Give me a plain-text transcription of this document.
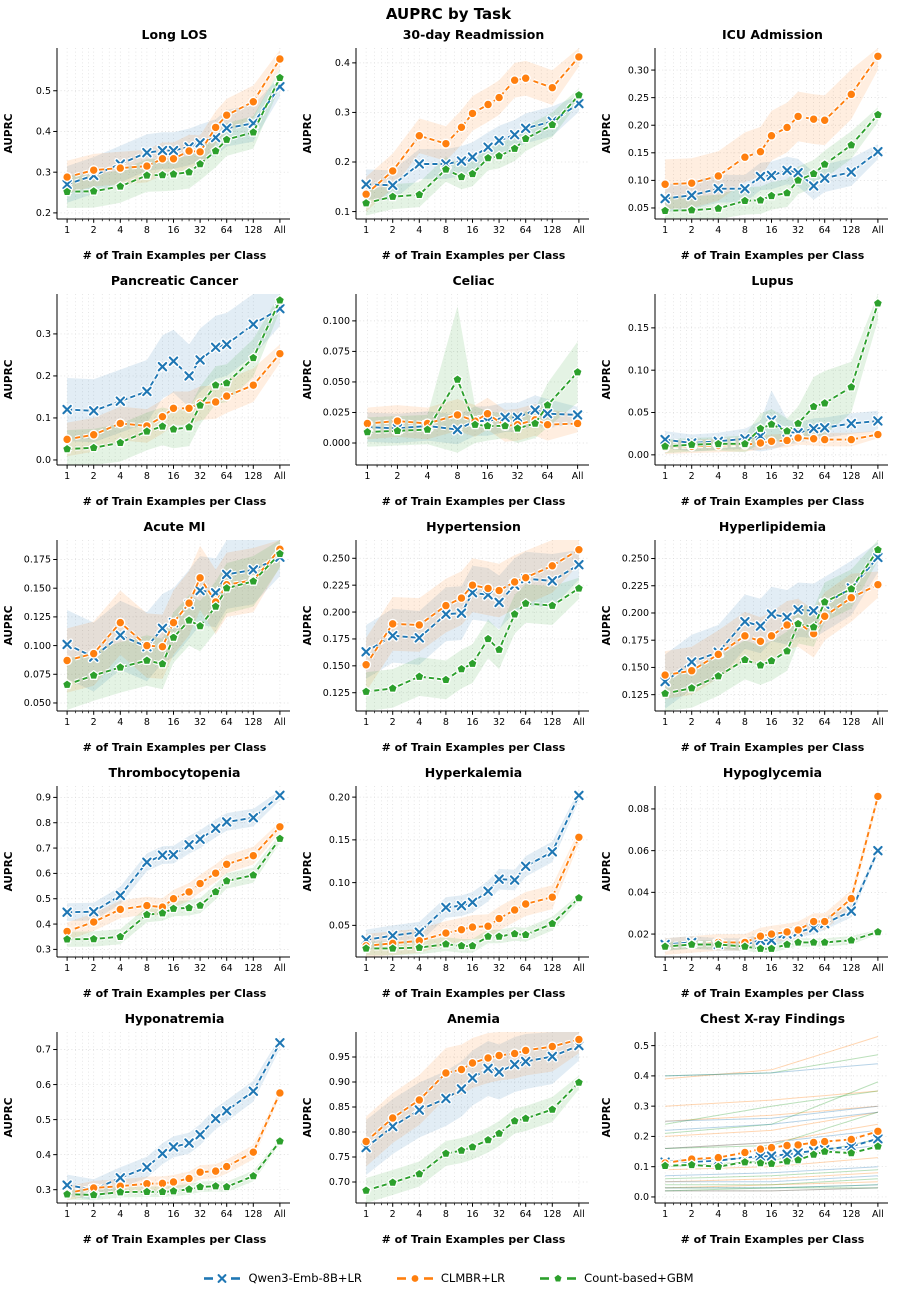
AUPRC by Task
Long LOS
0.2
0.3
0.4
0.5
1 2 4 8 16 32 64 128 All
AUPRC
# of Train Examples per Class
30-day Readmission
0.1
0.2
0.3
0.4
1 2 4 8 16 32 64 128 All
AUPRC
# of Train Examples per Class
ICU Admission
0.05
0.10
0.15
0.20
0.25
0.30
1 2 4 8 16 32 64 128 All
AUPRC
# of Train Examples per Class
Pancreatic Cancer
0.0
0.1
0.2
0.3
1 2 4 8 16 32 64 128 All
AUPRC
# of Train Examples per Class
Celiac
0.000
0.025
0.050
0.075
0.100
1	2	4	8 16 32 64 All
AUPRC
# of Train Examples per Class
Lupus
0.00
0.05
0.10
0.15
1 2 4 8 16 32 64 128 All
AUPRC
# of Train Examples per Class
Acute MI
0.050
0.075
0.100
0.125
0.150
0.175
1 2 4 8 16 32 64 128 All
AUPRC
# of Train Examples per Class
Hypertension
0.125
0.150
0.175
0.200
0.225
0.250
1 2 4 8 16 32 64 128 All
AUPRC
# of Train Examples per Class
Hyperlipidemia
0.125
0.150
0.175
0.200
0.225
0.250
1 2 4 8 16 32 64 128 All
AUPRC
# of Train Examples per Class
Thrombocytopenia
0.3
0.4
0.5
0.6
0.7
0.8
0.9
1 2 4 8 16 32 64 128 All
AUPRC
# of Train Examples per Class
Hyperkalemia
0.05
0.10
0.15
0.20
1 2 4 8 16 32 64 128 All
AUPRC
# of Train Examples per Class
Hypoglycemia
0.02
0.04
0.06
0.08
1 2 4 8 16 32 64 128 All
AUPRC
# of Train Examples per Class
Hyponatremia
0.3
0.4
0.5
0.6
0.7
1 2 4 8 16 32 64 128 All
AUPRC
# of Train Examples per Class
Anemia
0.70
0.75
0.80
0.85
0.90
0.95
1 2 4 8 16 32 64 128 All
AUPRC
# of Train Examples per Class
Chest X-ray Findings
0.0
0.1
0.2
0.3
0.4
0.5
1 2 4 8 16 32 64 128 All
AUPRC
# of Train Examples per Class
Qwen3-Emb-8B+LR	CLMBR+LR	Count-based+GBM
